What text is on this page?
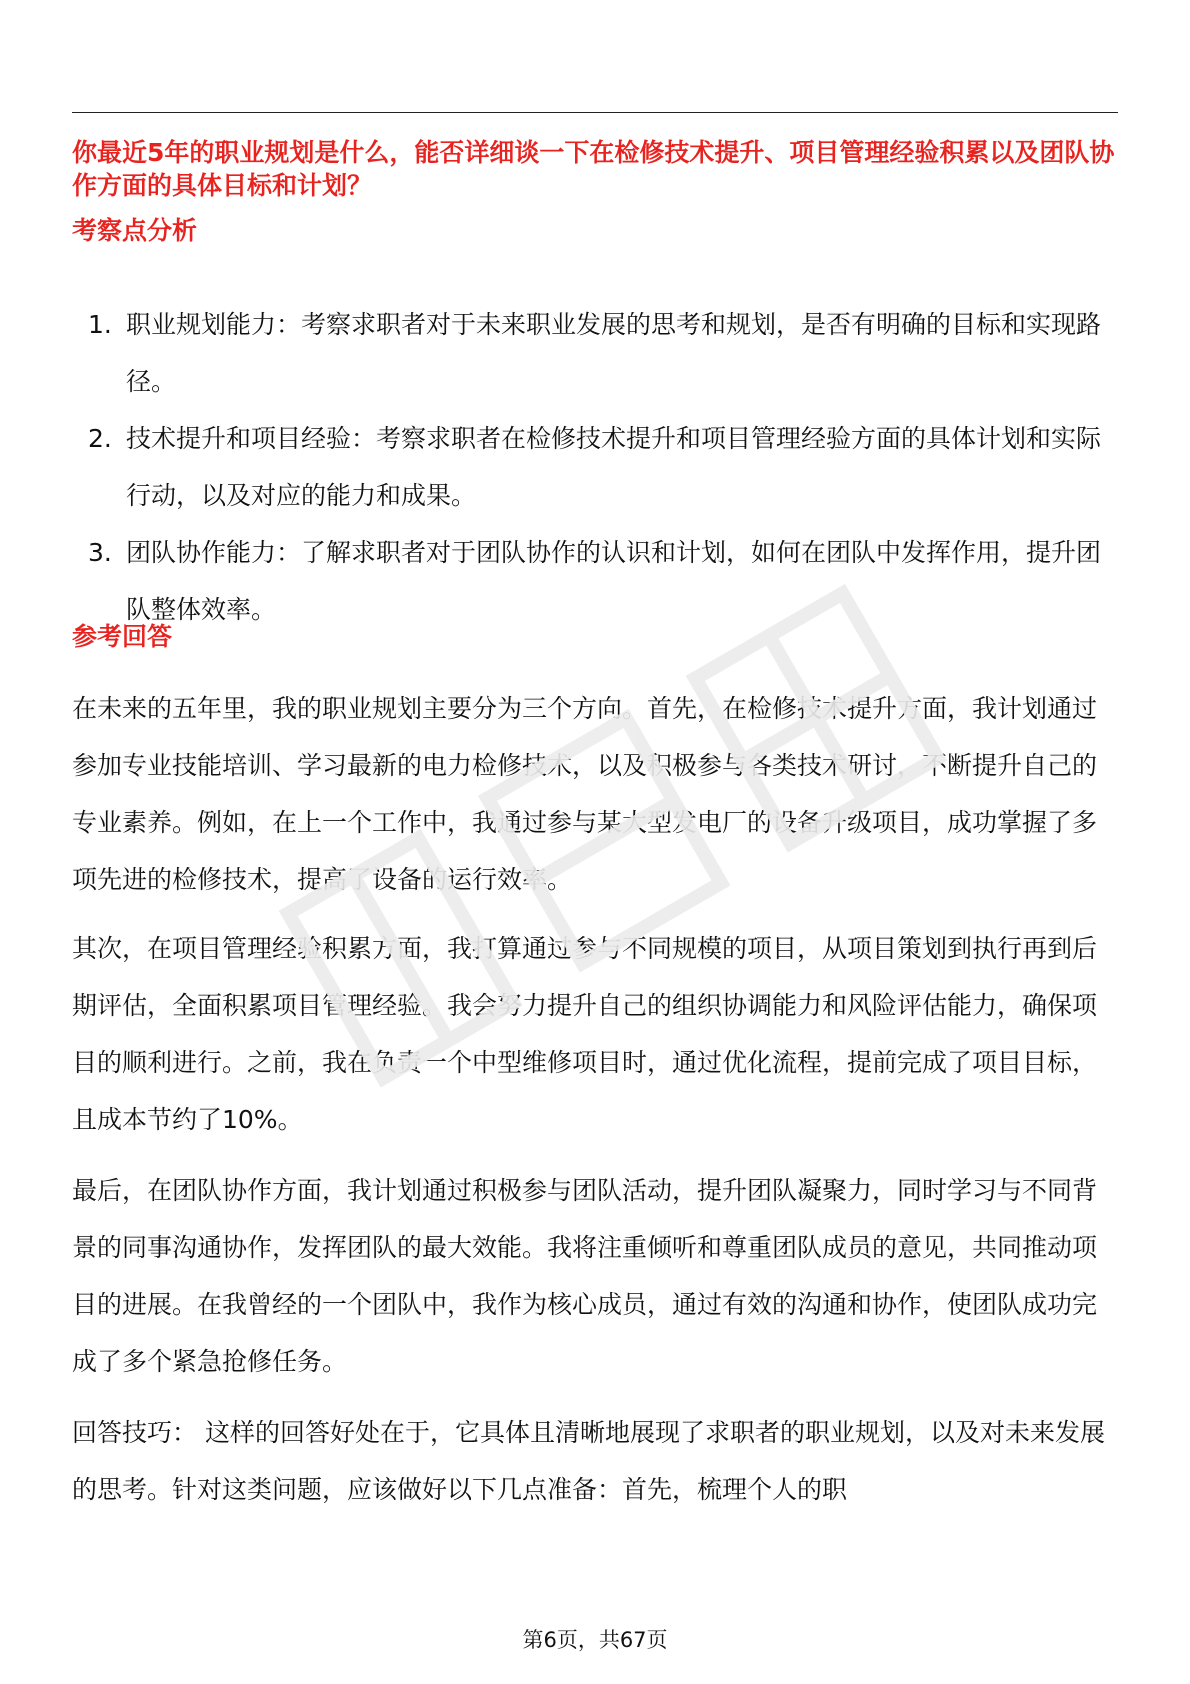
你最近5年的职业规划是什么，能否详细谈一下在检修技术提升、项目管理经验积累以及团队协作方面的具体目标和计划？

考察点分析

1. 职业规划能力：考察求职者对于未来职业发展的思考和规划，是否有明确的目标和实现路径。
2. 技术提升和项目经验：考察求职者在检修技术提升和项目管理经验方面的具体计划和实际行动，以及对应的能力和成果。
3. 团队协作能力：了解求职者对于团队协作的认识和计划，如何在团队中发挥作用，提升团队整体效率。

参考回答

在未来的五年里，我的职业规划主要分为三个方向。首先，在检修技术提升方面，我计划通过参加专业技能培训、学习最新的电力检修技术，以及积极参与各类技术研讨，不断提升自己的专业素养。例如，在上一个工作中，我通过参与某大型发电厂的设备升级项目，成功掌握了多项先进的检修技术，提高了设备的运行效率。

其次，在项目管理经验积累方面，我打算通过参与不同规模的项目，从项目策划到执行再到后期评估，全面积累项目管理经验。我会努力提升自己的组织协调能力和风险评估能力，确保项目的顺利进行。之前，我在负责一个中型维修项目时，通过优化流程，提前完成了项目目标，且成本节约了10%。

最后，在团队协作方面，我计划通过积极参与团队活动，提升团队凝聚力，同时学习与不同背景的同事沟通协作，发挥团队的最大效能。我将注重倾听和尊重团队成员的意见，共同推动项目的进展。在我曾经的一个团队中，我作为核心成员，通过有效的沟通和协作，使团队成功完成了多个紧急抢修任务。

回答技巧： 这样的回答好处在于，它具体且清晰地展现了求职者的职业规划，以及对未来发展的思考。针对这类问题，应该做好以下几点准备：首先，梳理个人的职

第6页，共67页
